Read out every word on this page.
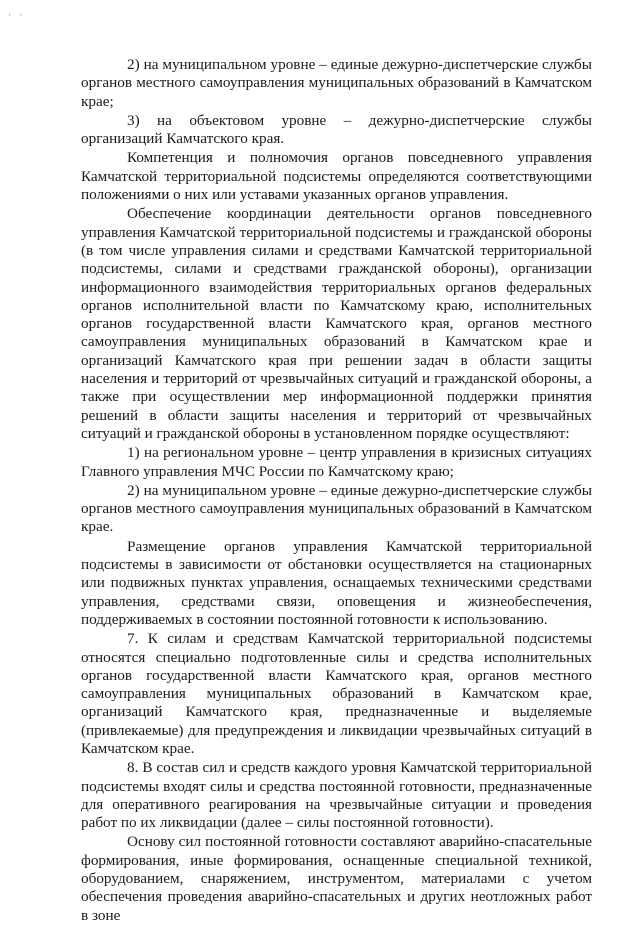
· ·

2) на муниципальном уровне – единые дежурно-диспетчерские службы органов местного самоуправления муниципальных образований в Камчатском крае;

3) на объектовом уровне – дежурно-диспетчерские службы организаций Камчатского края.

Компетенция и полномочия органов повседневного управления Камчатской территориальной подсистемы определяются соответствующими положениями о них или уставами указанных органов управления.

Обеспечение координации деятельности органов повседневного управления Камчатской территориальной подсистемы и гражданской обороны (в том числе управления силами и средствами Камчатской территориальной подсистемы, силами и средствами гражданской обороны), организации информационного взаимодействия территориальных органов федеральных органов исполнительной власти по Камчатскому краю, исполнительных органов государственной власти Камчатского края, органов местного самоуправления муниципальных образований в Камчатском крае и организаций Камчатского края при решении задач в области защиты населения и территорий от чрезвычайных ситуаций и гражданской обороны, а также при осуществлении мер информационной поддержки принятия решений в области защиты населения и территорий от чрезвычайных ситуаций и гражданской обороны в установленном порядке осуществляют:

1) на региональном уровне – центр управления в кризисных ситуациях Главного управления МЧС России по Камчатскому краю;

2) на муниципальном уровне – единые дежурно-диспетчерские службы органов местного самоуправления муниципальных образований в Камчатском крае.

Размещение органов управления Камчатской территориальной подсистемы в зависимости от обстановки осуществляется на стационарных или подвижных пунктах управления, оснащаемых техническими средствами управления, средствами связи, оповещения и жизнеобеспечения, поддерживаемых в состоянии постоянной готовности к использованию.

7. К силам и средствам Камчатской территориальной подсистемы относятся специально подготовленные силы и средства исполнительных органов государственной власти Камчатского края, органов местного самоуправления муниципальных образований в Камчатском крае, организаций Камчатского края, предназначенные и выделяемые (привлекаемые) для предупреждения и ликвидации чрезвычайных ситуаций в Камчатском крае.

8. В состав сил и средств каждого уровня Камчатской территориальной подсистемы входят силы и средства постоянной готовности, предназначенные для оперативного реагирования на чрезвычайные ситуации и проведения работ по их ликвидации (далее – силы постоянной готовности).

Основу сил постоянной готовности составляют аварийно-спасательные формирования, иные формирования, оснащенные специальной техникой, оборудованием, снаряжением, инструментом, материалами с учетом обеспечения проведения аварийно-спасательных и других неотложных работ в зоне
